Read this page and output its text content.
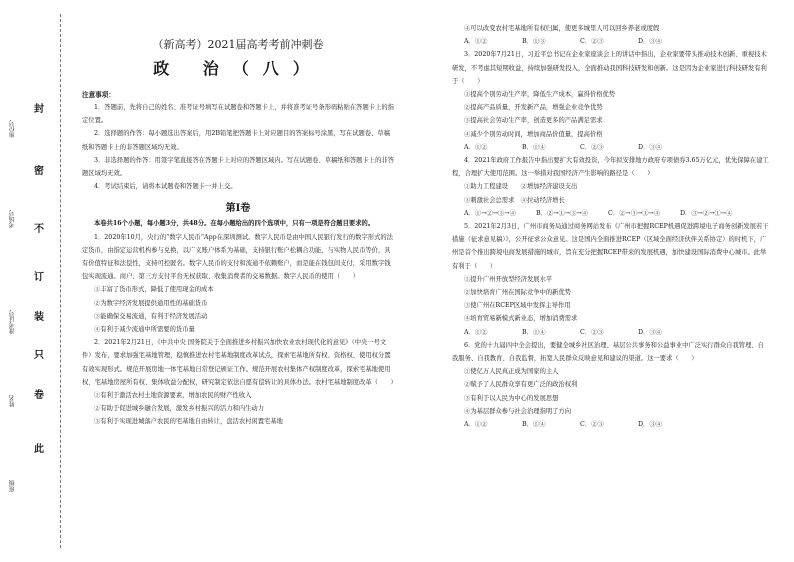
封
密
不
订
装
只
卷
此
座位号
考场号
准考证号
姓名
班级
（新高考）2021届高考考前冲刺卷
政 治（八）
注意事项：

1．答题前，先将自己的姓名、准考证号填写在试题卷和答题卡上，并将准考证号条形码粘贴在答题卡上的指定位置。

2．选择题的作答：每小题选出答案后，用2B铅笔把答题卡上对应题目的答案标号涂黑，写在试题卷、草稿纸和答题卡上的非答题区域均无效。

3．非选择题的作答：用签字笔直接答在答题卡上对应的答题区域内。写在试题卷、草稿纸和答题卡上的非答题区域均无效。

4．考试结束后，请将本试题卷和答题卡一并上交。

第Ⅰ卷

本卷共16个小题，每小题3分，共48分。在每小题给出的四个选项中，只有一项是符合题目要求的。

1．2020年10月，央行的“数字人民币”App在深圳测试。数字人民币是由中国人民银行发行的数字形式的法定货币，由指定运营机构参与兑换，以广义账户体系为基础，支持银行账户松耦合功能，与实物人民币等价，具有价值特征和法偿性，支持可控匿名。数字人民币的支付和流通不依赖账户，而是能在钱包间支付，采用数字钱包实现流通。商户、第三方支付平台无权获取、收集消费者的交易数据。数字人民币的使用（　　）

①丰富了货币形式，降低了使用现金的成本

②为数字经济发展提供通用性的基础货币

③能确保交易流通，有利于经济发展活动

④有利于减少流通中所需要的货币量

2．2021年2月21日，《中共中央 国务院关于全面推进乡村振兴加快农业农村现代化的意见》（中央一号文件）发布，要求加强宅基地管理，稳慎推进农村宅基地制度改革试点，探索宅基地所有权、资格权、使用权分置有效实现形式。规范开展房地一体宅基地日常登记颁证工作。规范开展农村集体产权制度改革，探索宅基地使用权、宅基地房屋所有权、集体收益分配权，研究制定依法自愿有偿转让的具体办法。农村宅基地制度改革（　　）

①有利于激活农村土地资源要素，增加农民的财产性收入

②有助于促进城乡融合发展，激发乡村振兴的活力和内生动力

③有利于实现进城落户农民的宅基地自由转让，盘活农村闲置宅基地

④可以改变农村宅基地所有权归属，使更多城里人可以回乡养老或度假

A．①②	B．①③	C．②③	D．③④

3．2020年7月21日，习近平总书记在企业家座谈会上的讲话中指出，企业家要带头推动技术创新、重视技术研发，不考虑其短期收益，持续加强研发投入，全面推动我国科技研发和创新。这是因为企业家进行科技研发有利于（　　）

①提高个别劳动生产率，降低生产成本，赢得价格优势

②提高产品质量，开发新产品，增强企业竞争优势

③提高社会劳动生产率，创造更多的产品满足需求

④减少个别劳动时间，增加商品价值量，提高价格

A．①②	B．①④	C．②③	D．③④

4．2021年政府工作报告中指出要扩大有效投资，今年拟安排地方政府专项债券3.65万亿元，优先保障在建工程，合理扩大使用范围。这一举措对我国经济产生影响的路径是（　　）

①助力工程建设　　②增加经济建设支出

③刺激社会总需求　④拉动经济增长

A．①→②→③→④	B．②→①→③→④	C．②→③→①→④	D．③→②→①→④

5．2021年2月3日，广州市商务局通过商务网站发布《广州市把握RCEP机遇促进跨境电子商务创新发展若干措施（征求意见稿）》，公开征求公众意见。这是国内全面推进RCEP（区域全面经济伙伴关系协定）的时机下，广州是首个推出跨境电商发展措施的城市，旨在充分把握RCEP带来的发展机遇，加快建设国际消费中心城市。此举有利于（　　）

①提升广州开放型经济发展水平

②加快培育广州在国际竞争中的新优势

③使广州在RCEP区域中发挥主导作用

④培育贸易新模式新业态，增加消费需求

A．①②	B．①④	C．②③	D．③④

6．党的十九届四中全会提出，要健全城乡社区治理、基层公共事务和公益事业中广泛实行群众自我管理、自我服务、自我教育、自我监督，拓宽人民群众反映意见和建议的渠道。这一要求（　　）

①使亿万人民真正成为国家的主人

②赋予了人民群众享有更广泛的政治权利

③有利于以人民为中心的发展思想

④为基层群众参与社会治理指明了方向

A．①②	B．①④	C．②③	D．③④
